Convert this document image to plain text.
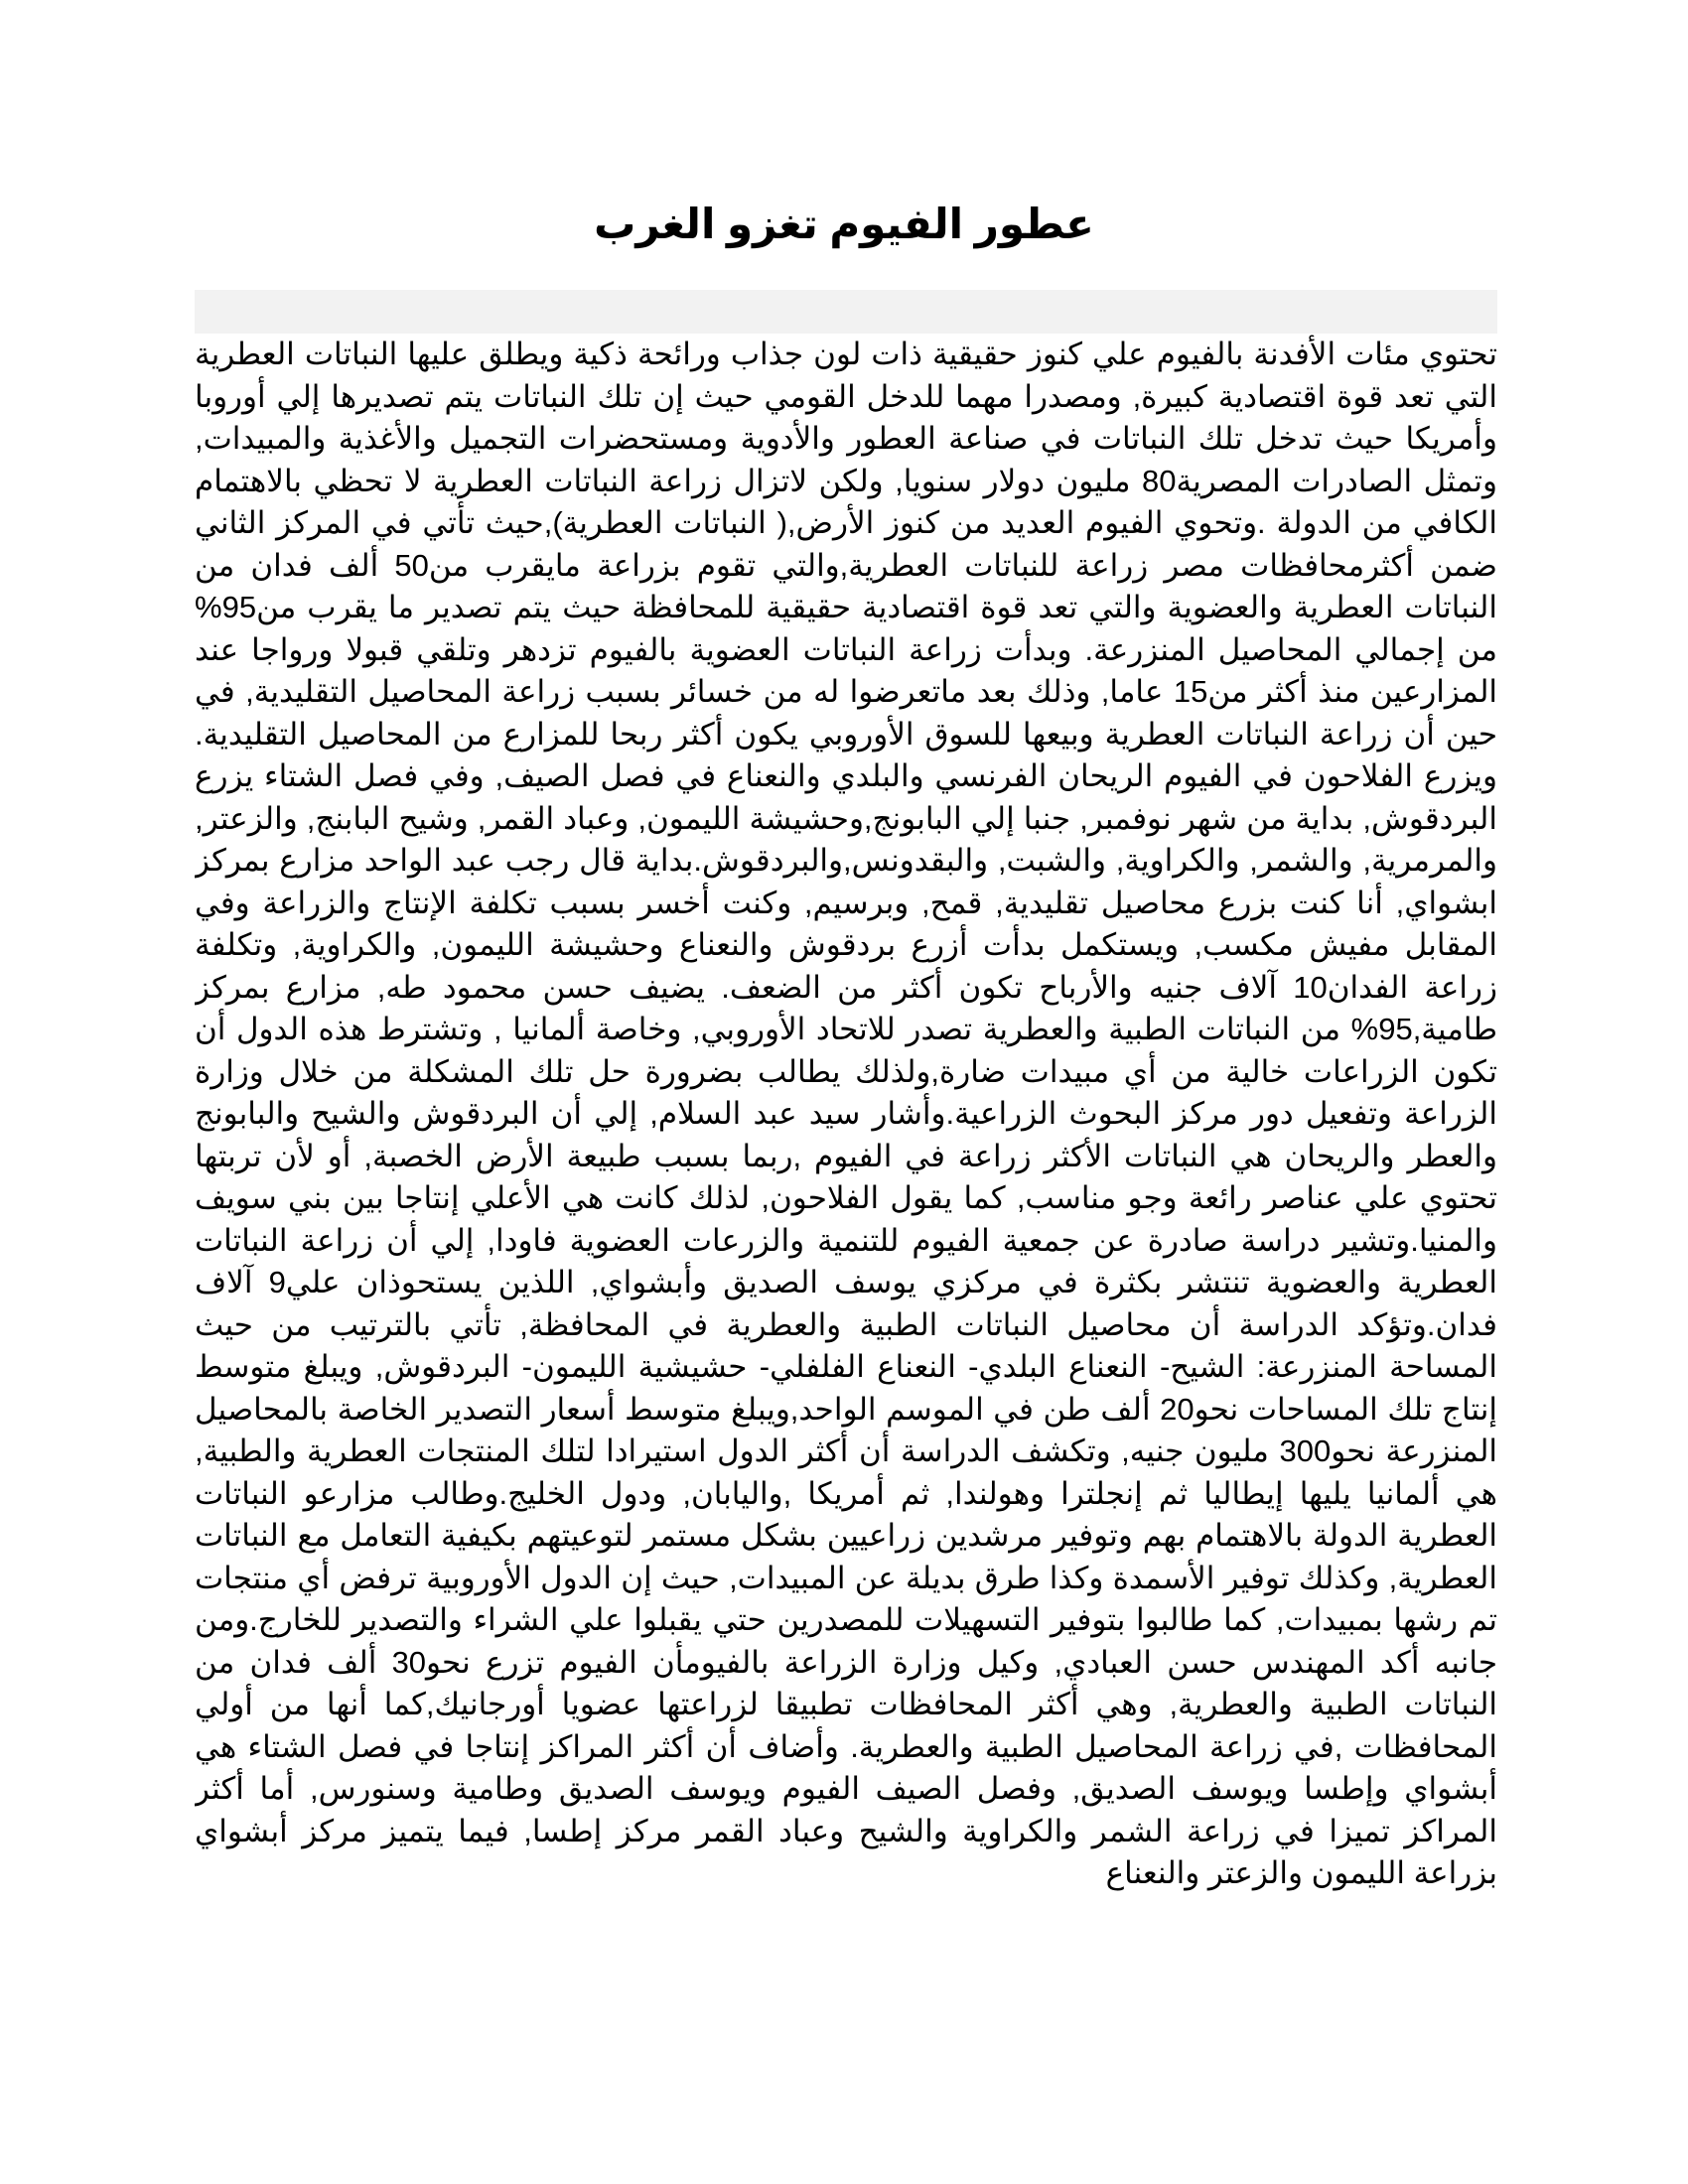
عطور الفيوم تغزو الغرب

تحتوي مئات الأفدنة بالفيوم علي كنوز حقيقية ذات لون جذاب ورائحة ذكية ويطلق عليها النباتات العطرية التي تعد قوة اقتصادية كبيرة, ومصدرا مهما للدخل القومي حيث إن تلك النباتات يتم تصديرها إلي أوروبا وأمريكا حيث تدخل تلك النباتات في صناعة العطور والأدوية ومستحضرات التجميل والأغذية والمبيدات, وتمثل الصادرات المصرية80 مليون دولار سنويا, ولكن لاتزال زراعة النباتات العطرية لا تحظي بالاهتمام الكافي من الدولة .وتحوي الفيوم العديد من كنوز الأرض,( النباتات العطرية),حيث تأتي في المركز الثاني ضمن أكثرمحافظات مصر زراعة للنباتات العطرية,والتي تقوم بزراعة مايقرب من50 ألف فدان من النباتات العطرية والعضوية والتي تعد قوة اقتصادية حقيقية للمحافظة حيث يتم تصدير ما يقرب من95% من إجمالي المحاصيل المنزرعة. وبدأت زراعة النباتات العضوية بالفيوم تزدهر وتلقي قبولا ورواجا عند المزارعين منذ أكثر من15 عاما, وذلك بعد ماتعرضوا له من خسائر بسبب زراعة المحاصيل التقليدية, في حين أن زراعة النباتات العطرية وبيعها للسوق الأوروبي يكون أكثر ربحا للمزارع من المحاصيل التقليدية. ويزرع الفلاحون في الفيوم الريحان الفرنسي والبلدي والنعناع في فصل الصيف, وفي فصل الشتاء يزرع البردقوش, بداية من شهر نوفمبر, جنبا إلي البابونج,وحشيشة الليمون, وعباد القمر, وشيح البابنج, والزعتر, والمرمرية, والشمر, والكراوية, والشبت, والبقدونس,والبردقوش.بداية قال رجب عبد الواحد مزارع بمركز ابشواي, أنا كنت بزرع محاصيل تقليدية, قمح, وبرسيم, وكنت أخسر بسبب تكلفة الإنتاج والزراعة وفي المقابل مفيش مكسب, ويستكمل بدأت أزرع بردقوش والنعناع وحشيشة الليمون, والكراوية, وتكلفة زراعة الفدان10 آلاف جنيه والأرباح تكون أكثر من الضعف. يضيف حسن محمود طه, مزارع بمركز طامية,95% من النباتات الطبية والعطرية تصدر للاتحاد الأوروبي, وخاصة ألمانيا , وتشترط هذه الدول أن تكون الزراعات خالية من أي مبيدات ضارة,ولذلك يطالب بضرورة حل تلك المشكلة من خلال وزارة الزراعة وتفعيل دور مركز البحوث الزراعية.وأشار سيد عبد السلام, إلي أن البردقوش والشيح والبابونج والعطر والريحان هي النباتات الأكثر زراعة في الفيوم ,ربما بسبب طبيعة الأرض الخصبة, أو لأن تربتها تحتوي علي عناصر رائعة وجو مناسب, كما يقول الفلاحون, لذلك كانت هي الأعلي إنتاجا بين بني سويف والمنيا.وتشير دراسة صادرة عن جمعية الفيوم للتنمية والزرعات العضوية فاودا, إلي أن زراعة النباتات العطرية والعضوية تنتشر بكثرة في مركزي يوسف الصديق وأبشواي, اللذين يستحوذان علي9 آلاف فدان.وتؤكد الدراسة أن محاصيل النباتات الطبية والعطرية في المحافظة, تأتي بالترتيب من حيث المساحة المنزرعة: الشيح- النعناع البلدي- النعناع الفلفلي- حشيشية الليمون- البردقوش, ويبلغ متوسط إنتاج تلك المساحات نحو20 ألف طن في الموسم الواحد,ويبلغ متوسط أسعار التصدير الخاصة بالمحاصيل المنزرعة نحو300 مليون جنيه, وتكشف الدراسة أن أكثر الدول استيرادا لتلك المنتجات العطرية والطبية, هي ألمانيا يليها إيطاليا ثم إنجلترا وهولندا, ثم أمريكا ,واليابان, ودول الخليج.وطالب مزارعو النباتات العطرية الدولة بالاهتمام بهم وتوفير مرشدين زراعيين بشكل مستمر لتوعيتهم بكيفية التعامل مع النباتات العطرية, وكذلك توفير الأسمدة وكذا طرق بديلة عن المبيدات, حيث إن الدول الأوروبية ترفض أي منتجات تم رشها بمبيدات, كما طالبوا بتوفير التسهيلات للمصدرين حتي يقبلوا علي الشراء والتصدير للخارج.ومن جانبه أكد المهندس حسن العبادي, وكيل وزارة الزراعة بالفيومأن الفيوم تزرع نحو30 ألف فدان من النباتات الطبية والعطرية, وهي أكثر المحافظات تطبيقا لزراعتها عضويا أورجانيك,كما أنها من أولي المحافظات ,في زراعة المحاصيل الطبية والعطرية. وأضاف أن أكثر المراكز إنتاجا في فصل الشتاء هي أبشواي وإطسا ويوسف الصديق, وفصل الصيف الفيوم ويوسف الصديق وطامية وسنورس, أما أكثر المراكز تميزا في زراعة الشمر والكراوية والشيح وعباد القمر مركز إطسا, فيما يتميز مركز أبشواي بزراعة الليمون والزعتر والنعناع
